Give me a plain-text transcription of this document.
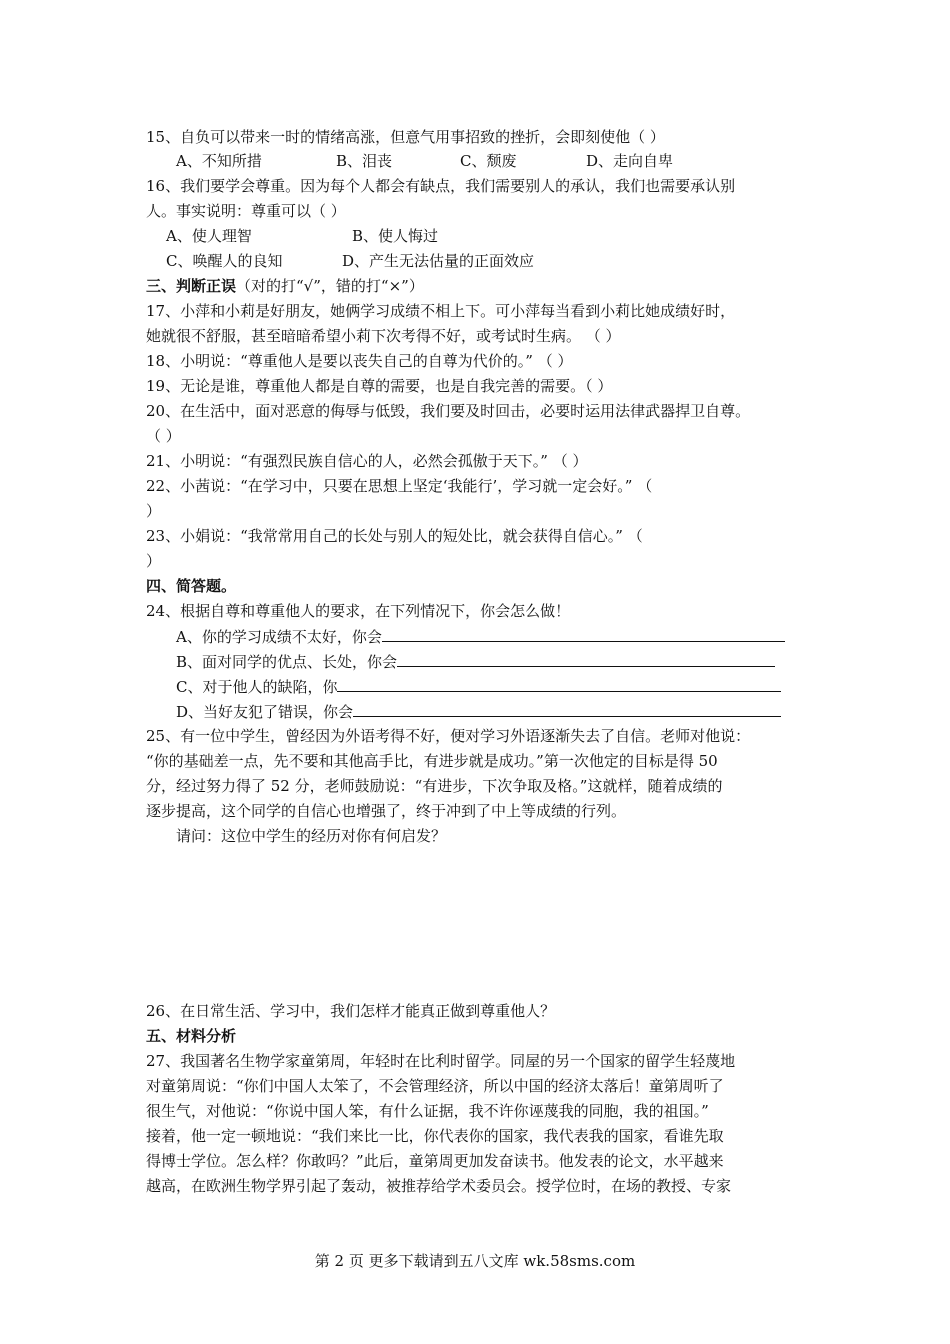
15、自负可以带来一时的情绪高涨，但意气用事招致的挫折，会即刻使他（ ）
A、不知所措	B、泪丧	C、颓废	D、走向自卑
16、我们要学会尊重。因为每个人都会有缺点，我们需要别人的承认，我们也需要承认别
人。事实说明：尊重可以（ ）
A、使人理智	B、使人悔过
C、唤醒人的良知	D、产生无法估量的正面效应
三、判断正误（对的打“√”，错的打“×”）
17、小萍和小莉是好朋友，她俩学习成绩不相上下。可小萍每当看到小莉比她成绩好时，
她就很不舒服，甚至暗暗希望小莉下次考得不好，或考试时生病。 （ ）
18、小明说：“尊重他人是要以丧失自己的自尊为代价的。” （ ）
19、无论是谁，尊重他人都是自尊的需要，也是自我完善的需要。（ ）
20、在生活中，面对恶意的侮辱与低毁，我们要及时回击，必要时运用法律武器捍卫自尊。
（ ）
21、小明说：“有强烈民族自信心的人，必然会孤傲于天下。” （ ）
22、小茜说：“在学习中，只要在思想上坚定‘我能行’，学习就一定会好。” （
）
23、小娟说：“我常常用自己的长处与别人的短处比，就会获得自信心。” （
）
四、简答题。
24、根据自尊和尊重他人的要求，在下列情况下，你会怎么做！
A、你的学习成绩不太好，你会
B、面对同学的优点、长处，你会
C、对于他人的缺陷，你
D、当好友犯了错误，你会
25、有一位中学生，曾经因为外语考得不好，便对学习外语逐渐失去了自信。老师对他说：
“你的基础差一点，先不要和其他高手比，有进步就是成功。”第一次他定的目标是得 50
分，经过努力得了 52 分，老师鼓励说：“有进步，下次争取及格。”这就样，随着成绩的
逐步提高，这个同学的自信心也增强了，终于冲到了中上等成绩的行列。
请问：这位中学生的经历对你有何启发？
26、在日常生活、学习中，我们怎样才能真正做到尊重他人？
五、材料分析
27、我国著名生物学家童第周，年轻时在比利时留学。同屋的另一个国家的留学生轻蔑地
对童第周说：“你们中国人太笨了，不会管理经济，所以中国的经济太落后！童第周听了
很生气，对他说：“你说中国人笨，有什么证据，我不许你诬蔑我的同胞，我的祖国。”
接着，他一定一顿地说：“我们来比一比，你代表你的国家，我代表我的国家，看谁先取
得博士学位。怎么样？你敢吗？”此后，童第周更加发奋读书。他发表的论文，水平越来
越高，在欧洲生物学界引起了轰动，被推荐给学术委员会。授学位时，在场的教授、专家
第 2 页 更多下载请到五八文库 wk.58sms.com
